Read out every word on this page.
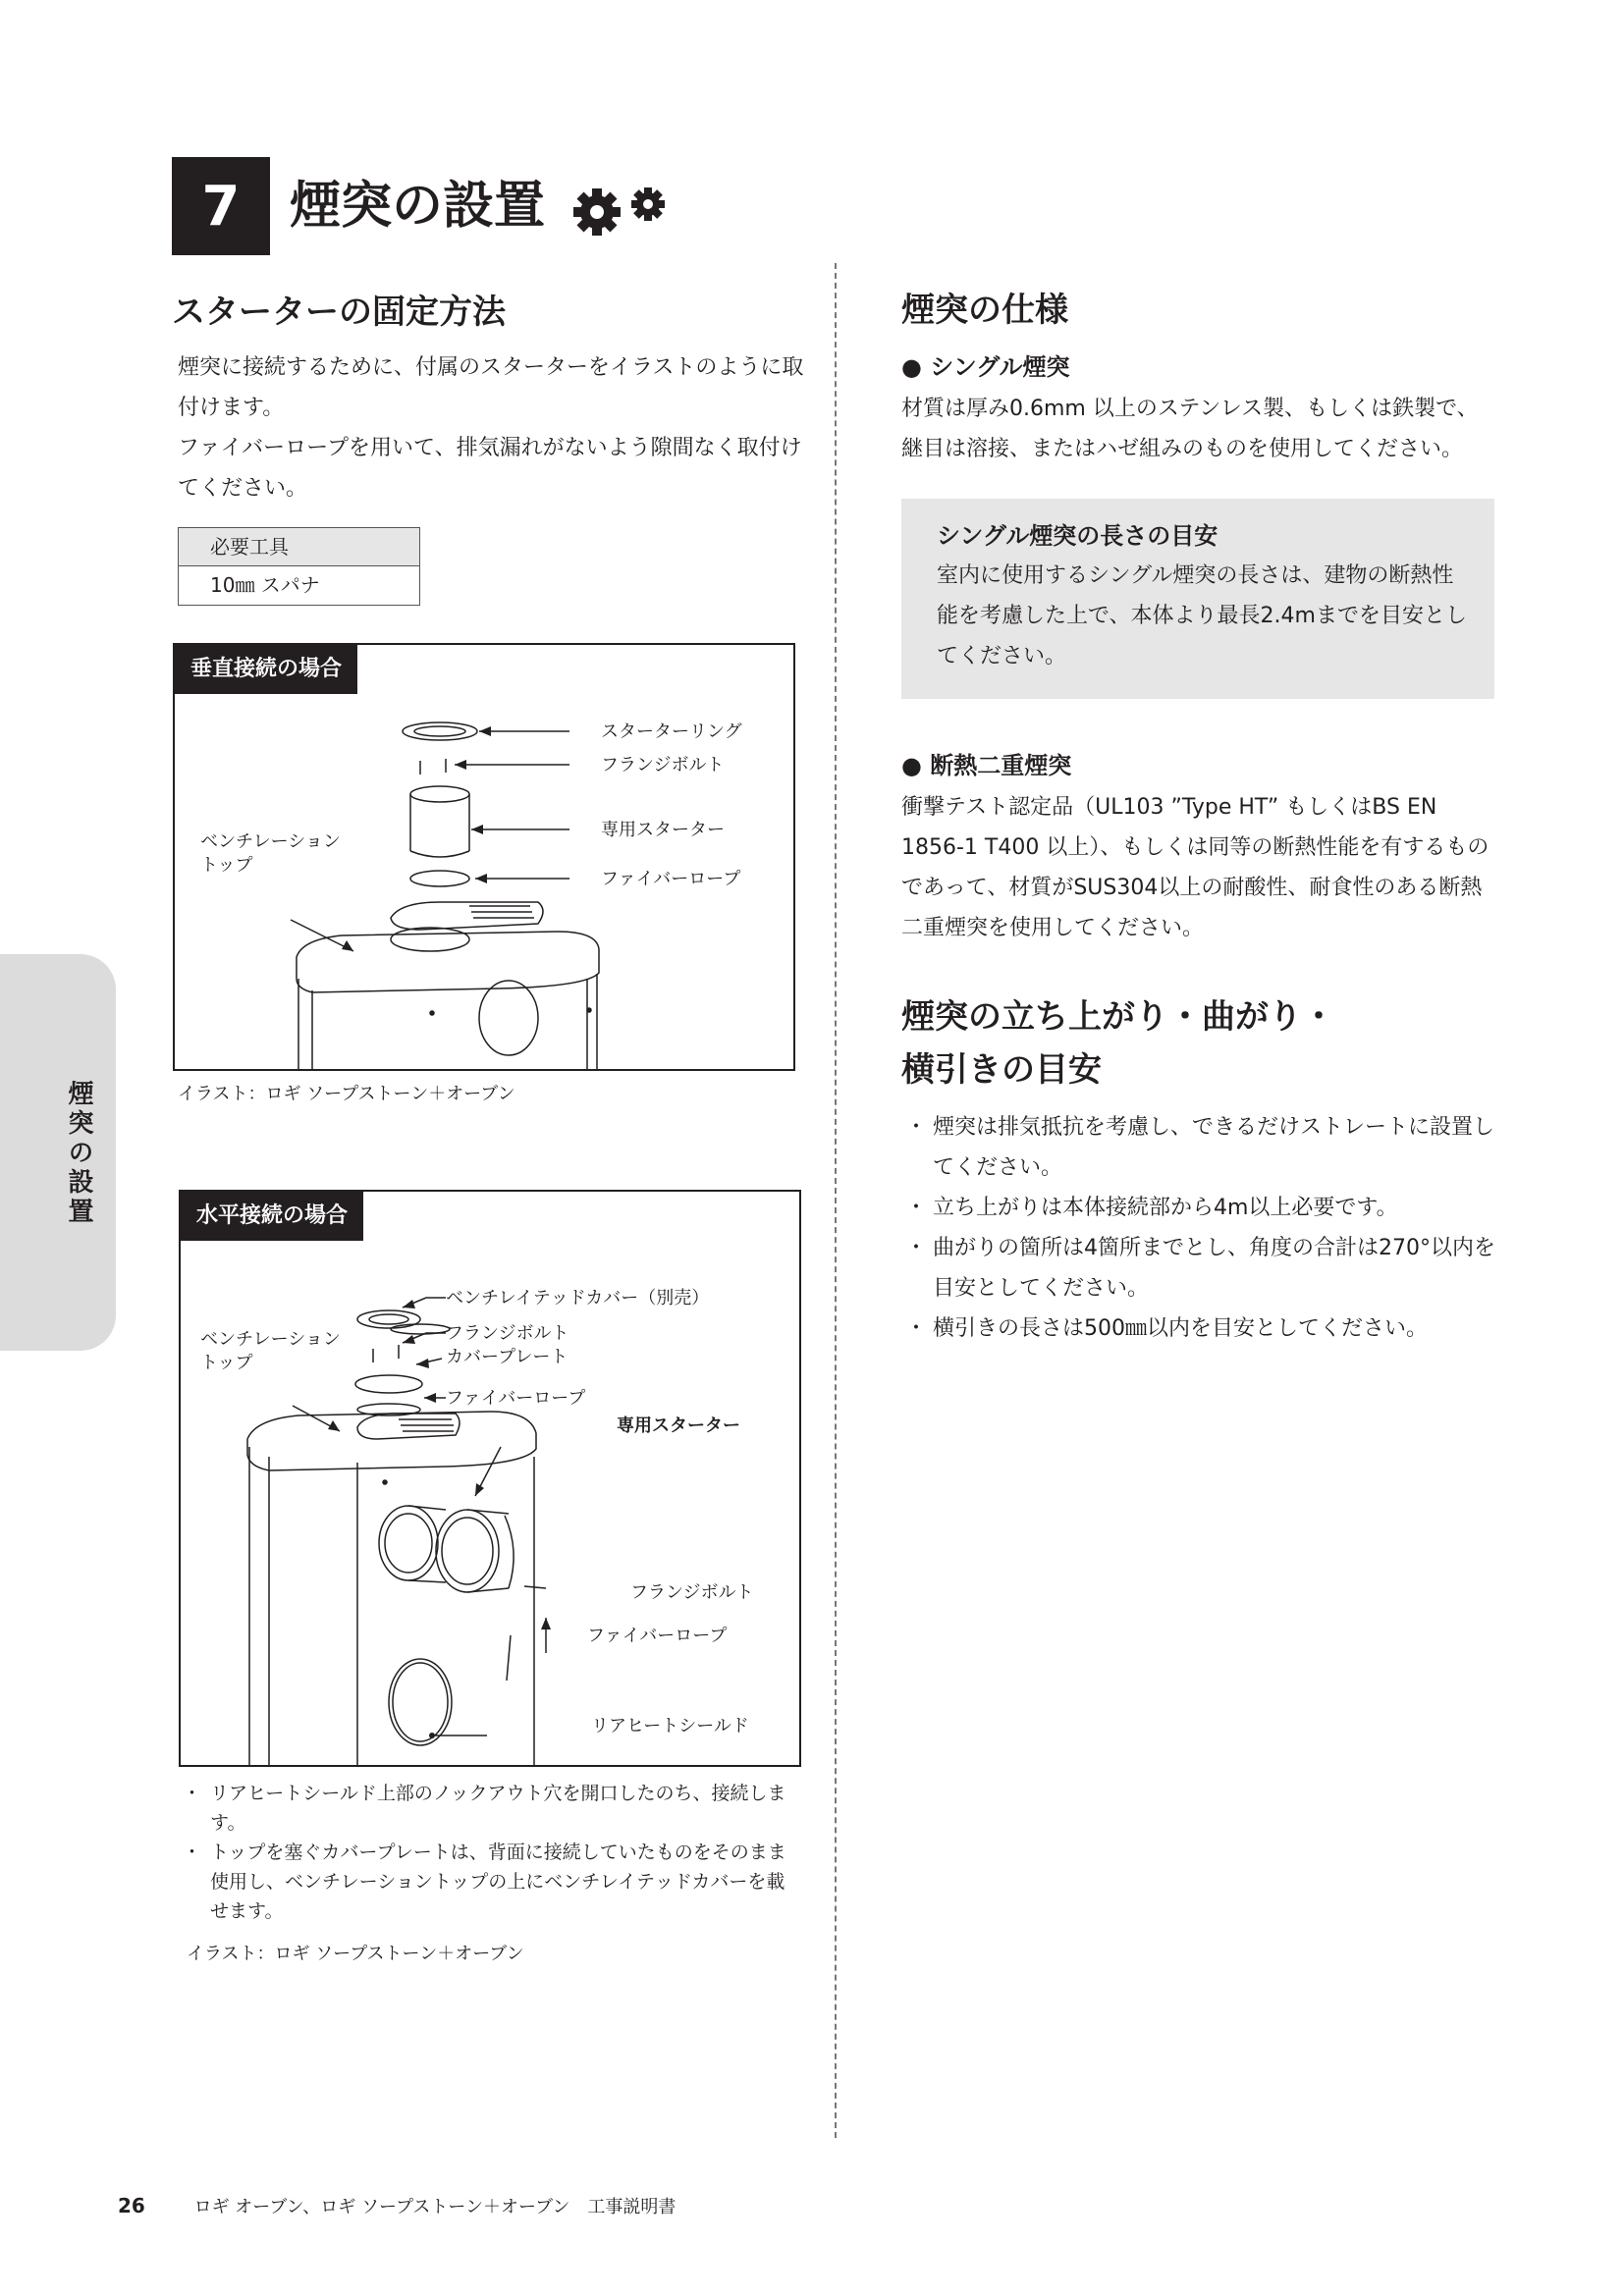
7 煙突の設置
煙突の設置
スターターの固定方法
煙突に接続するために、付属のスターターをイラストのように取付けます。
ファイバーロープを用いて、排気漏れがないよう隙間なく取付けてください。
必要工具
10㎜ スパナ
垂直接続の場合
スターターリング
フランジボルト
専用スターター
ファイバーロープ
ベンチレーション
トップ
イラスト：ロギ ソープストーン＋オーブン
水平接続の場合
ベンチレイテッドカバー（別売）
フランジボルト
カバープレート
ファイバーロープ
専用スターター
フランジボルト
ファイバーロープ
リアヒートシールド
ベンチレーション
トップ
・ リアヒートシールド上部のノックアウト穴を開口したのち、接続します。
・ トップを塞ぐカバープレートは、背面に接続していたものをそのまま使用し、ベンチレーショントップの上にベンチレイテッドカバーを載せます。
イラスト：ロギ ソープストーン＋オーブン
煙突の仕様
● シングル煙突
材質は厚み0.6mm 以上のステンレス製、もしくは鉄製で、継目は溶接、またはハゼ組みのものを使用してください。
シングル煙突の長さの目安
室内に使用するシングル煙突の長さは、建物の断熱性能を考慮した上で、本体より最長2.4mまでを目安としてください。
● 断熱二重煙突
衝撃テスト認定品（UL103 ”Type HT” もしくはBS EN 1856-1 T400 以上）、もしくは同等の断熱性能を有するものであって、材質がSUS304以上の耐酸性、耐食性のある断熱二重煙突を使用してください。
煙突の立ち上がり・曲がり・
横引きの目安
・ 煙突は排気抵抗を考慮し、できるだけストレートに設置してください。
・ 立ち上がりは本体接続部から4m以上必要です。
・ 曲がりの箇所は4箇所までとし、角度の合計は270°以内を目安としてください。
・ 横引きの長さは500㎜以内を目安としてください。
26	ロギ オーブン、ロギ ソープストーン＋オーブン　工事説明書
